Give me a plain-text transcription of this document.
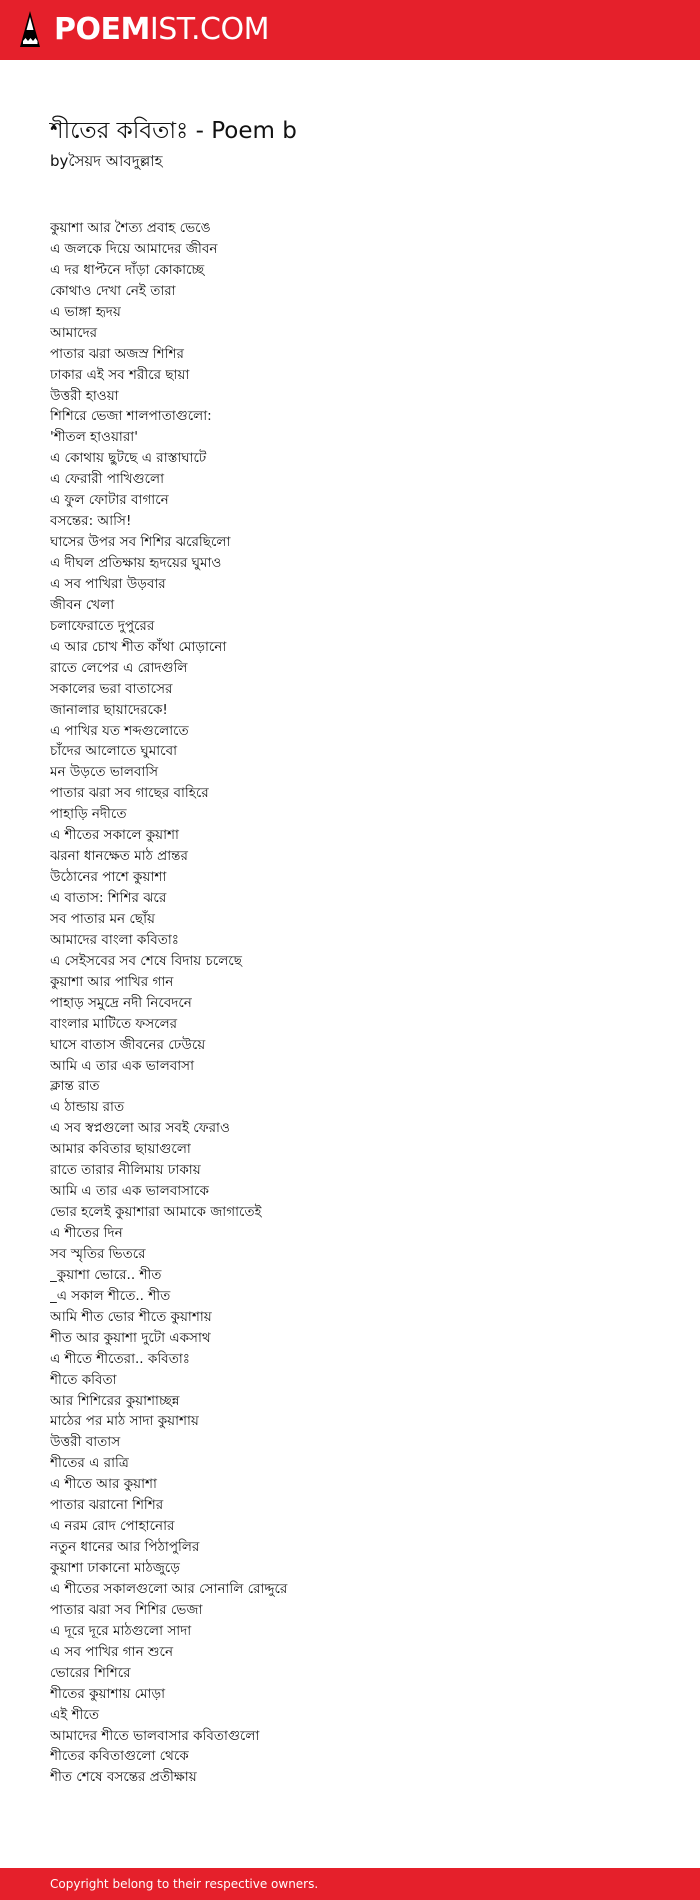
POEMIST.COM
শীতের কবিতাঃ - Poem b
byসৈয়দ আবদুল্লাহ
কুয়াশা আর শৈত্য প্রবাহ ভেঙে
এ জলকে দিয়ে আমাদের জীবন
এ দর ধাপ্টনে দাঁড়া কোকাচ্ছে
কোথাও দেখা নেই তারা
এ ভাঙ্গা হৃদয়
আমাদের
পাতার ঝরা অজস্র শিশির
ঢাকার এই সব শরীরে ছায়া
উত্তরী হাওয়া
শিশিরে ভেজা শালপাতাগুলো:
'শীতল হাওয়ারা'
এ কোথায় ছুটছে এ রাস্তাঘাটে
এ ফেরারী পাখিগুলো
এ ফুল ফোটার বাগানে
বসন্তের: আসি!
ঘাসের উপর সব শিশির ঝরেছিলো
এ দীঘল প্রতিক্ষায় হৃদয়ের ঘুমাও
এ সব পাখিরা উড়বার
জীবন খেলা
চলাফেরাতে দুপুরের
এ আর চোখ শীত কাঁথা মোড়ানো
রাতে লেপের এ রোদগুলি
সকালের ভরা বাতাসের
জানালার ছায়াদেরকে!
এ পাখির যত শব্দগুলোতে
চাঁদের আলোতে ঘুমাবো
মন উড়তে ভালবাসি
পাতার ঝরা সব গাছের বাহিরে
পাহাড়ি নদীতে
এ শীতের সকালে কুয়াশা
ঝরনা ধানক্ষেত মাঠ প্রান্তর
উঠোনের পাশে কুয়াশা
এ বাতাস: শিশির ঝরে
সব পাতার মন ছোঁয়
আমাদের বাংলা কবিতাঃ
এ সেইসবের সব শেষে বিদায় চলেছে
কুয়াশা আর পাখির গান
পাহাড় সমুদ্রে নদী নিবেদনে
বাংলার মাটিতে ফসলের
ঘাসে বাতাস জীবনের ঢেউয়ে
আমি এ তার এক ভালবাসা
ক্লান্ত রাত
এ ঠান্ডায় রাত
এ সব স্বপ্নগুলো আর সবই ফেরাও
আমার কবিতার ছায়াগুলো
রাতে তারার নীলিমায় ঢাকায়
আমি এ তার এক ভালবাসাকে
ভোর হলেই কুয়াশারা আমাকে জাগাতেই
এ শীতের দিন
সব স্মৃতির ভিতরে
_কুয়াশা ভোরে.. শীত
_এ সকাল শীতে.. শীত
আমি শীত ভোর শীতে কুয়াশায়
শীত আর কুয়াশা দুটো একসাথ
এ শীতে শীতেরা.. কবিতাঃ
শীতে কবিতা
আর শিশিরের কুয়াশাচ্ছন্ন
মাঠের পর মাঠ সাদা কুয়াশায়
উত্তরী বাতাস
শীতের এ রাত্রি
এ শীতে আর কুয়াশা
পাতার ঝরানো শিশির
এ নরম রোদ পোহানোর
নতুন ধানের আর পিঠাপুলির
কুয়াশা ঢাকানো মাঠজুড়ে
এ শীতের সকালগুলো আর সোনালি রোদ্দুরে
পাতার ঝরা সব শিশির ভেজা
এ দূরে দূরে মাঠগুলো সাদা
এ সব পাখির গান শুনে
ভোরের শিশিরে
শীতের কুয়াশায় মোড়া
এই শীতে
আমাদের শীতে ভালবাসার কবিতাগুলো
শীতের কবিতাগুলো থেকে
শীত শেষে বসন্তের প্রতীক্ষায়
Copyright belong to their respective owners.
